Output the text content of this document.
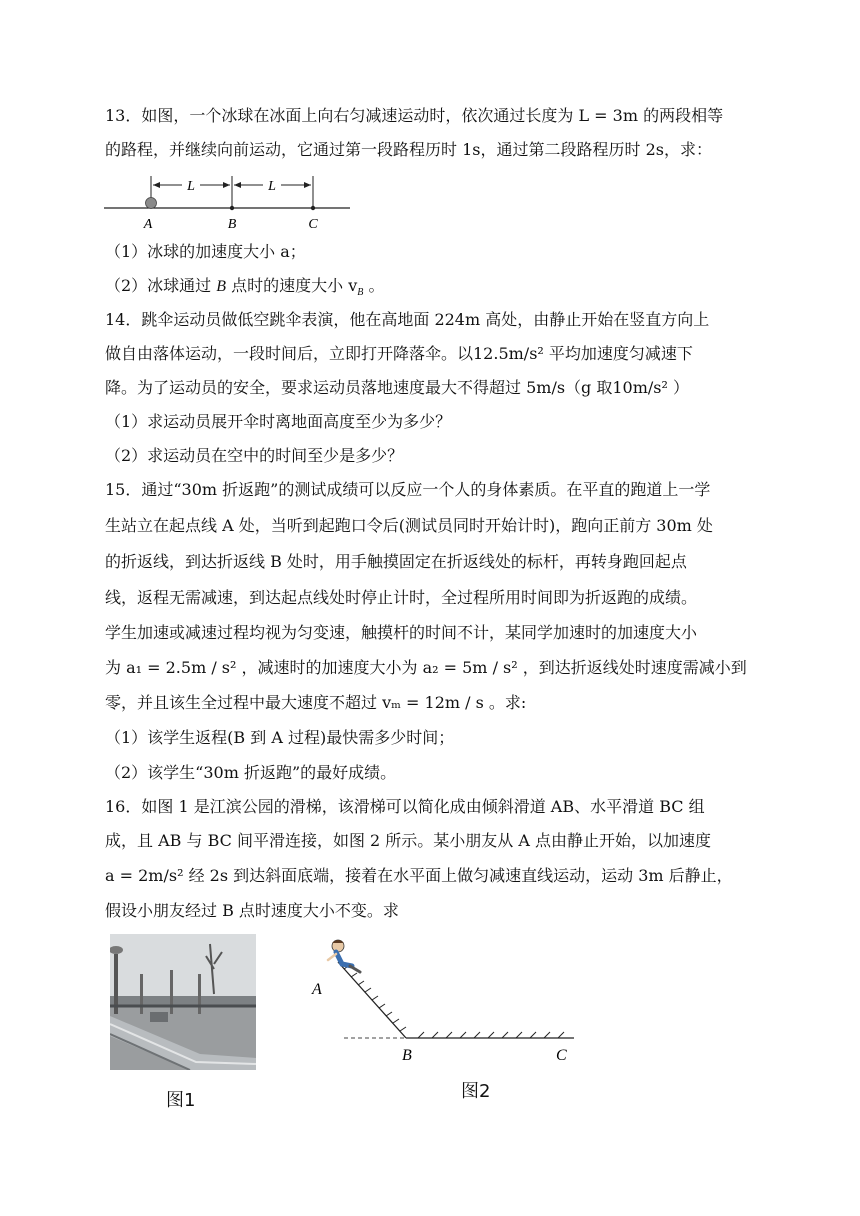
13．如图，一个冰球在冰面上向右匀减速运动时，依次通过长度为 L = 3m 的两段相等
的路程，并继续向前运动，它通过第一段路程历时 1s，通过第二段路程历时 2s，求：
L	L
A	B	C
（1）冰球的加速度大小 a；
（2）冰球通过 B 点时的速度大小 $v_B$ 。
14．跳伞运动员做低空跳伞表演，他在高地面 224m 高处，由静止开始在竖直方向上
做自由落体运动，一段时间后，立即打开降落伞。以12.5m/s² 平均加速度匀减速下
降。为了运动员的安全，要求运动员落地速度最大不得超过 5m/s（g 取10m/s² ）
（1）求运动员展开伞时离地面高度至少为多少？
（2）求运动员在空中的时间至少是多少？
15．通过“30m 折返跑”的测试成绩可以反应一个人的身体素质。在平直的跑道上一学
生站立在起点线 A 处，当听到起跑口令后(测试员同时开始计时)，跑向正前方 30m 处
的折返线，到达折返线 B 处时，用手触摸固定在折返线处的标杆，再转身跑回起点
线，返程无需减速，到达起点线处时停止计时，全过程所用时间即为折返跑的成绩。
学生加速或减速过程均视为匀变速，触摸杆的时间不计，某同学加速时的加速度大小
为 a₁ = 2.5m / s² ，减速时的加速度大小为 a₂ = 5m / s² ，到达折返线处时速度需减小到
零，并且该生全过程中最大速度不超过 vₘ = 12m / s 。求:
（1）该学生返程(B 到 A 过程)最快需多少时间；
（2）该学生“30m 折返跑”的最好成绩。
16．如图 1 是江滨公园的滑梯，该滑梯可以简化成由倾斜滑道 AB、水平滑道 BC 组
成，且 AB 与 BC 间平滑连接，如图 2 所示。某小朋友从 A 点由静止开始，以加速度
a = 2m/s² 经 2s 到达斜面底端，接着在水平面上做匀减速直线运动，运动 3m 后静止，
假设小朋友经过 B 点时速度大小不变。求
图1
A
B	C
图2
